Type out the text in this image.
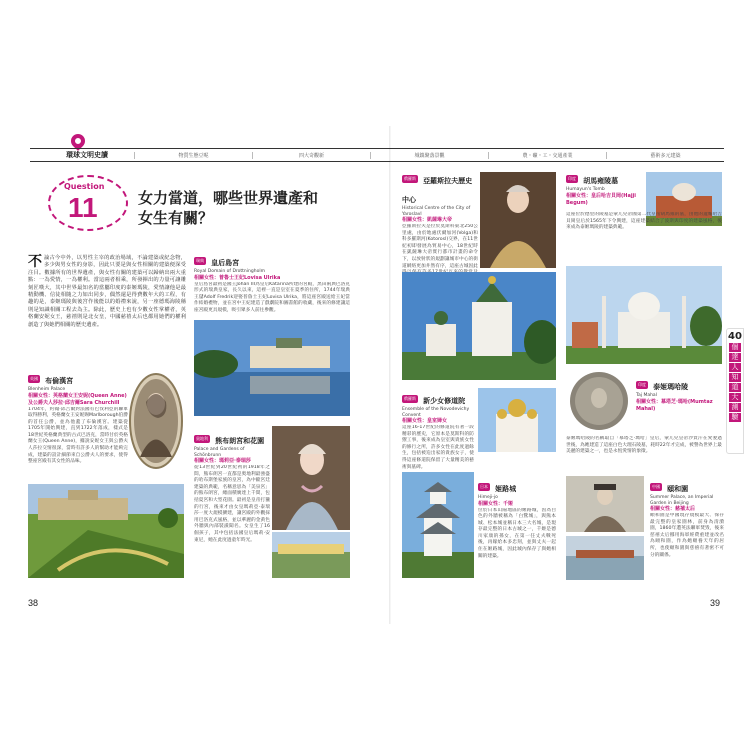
環球文明史讀	物質生態豆呢	四大奇觀新	城鎮聚落景觀	農・礦・工・交通產業	藝術多元建築
Question
11	女力當道，哪些世界遺產和女生有關？
不論古今中外，以男性主宰的政治場域，不論建築或紀念物，多少與男女性的身影，因此只要是與女性相關的建築便深受注目。數據所有的世界遺產，與女性有關的建築可以歸納出兩大重點：一為愛情，一為權利。當這兩者相乘，所發揮出的力量可讓雕刻匠嘆大，其中世界最知名的當屬印度的泰姬瑪陵，愛情讓他是最精動機、信徒相隨之力如出同步，偶然還是得費數年大的工程，有趣的是，泰姬瑪陵與後宮作後能以的婚禮來說，另一座德瑪海陵稱則是知識相關工程去為主。除此，歷史上也有少數女性掌權者，英格蘭安妮女王，慈禧則是北女皇，中國慈禧太后也都用她們的權利創造了與她們相關的歷史遺產。
英國 布倫漢宮
Blenheim Palace
相關女性：英格蘭女王安妮(Queen Anne)及公爵夫人莎拉·邱吉爾Sara Churchill
1704年，約翰·邱吉爾對法國有巴伐利亞的聯軍取得勝利，英格蘭女王安妮賜Marlborough伯爵的首任公爵，並為他蓋了布倫漢宮。建築從1705年開始興建，直到1722年落成，樣式是18世紀英格蘭典型的古式巴洛克，當時甘於英格蘭女王(Queen Anne)，據說安妮女王與公爵夫人莎拉交情很深，當時有許多人的幫助才能夠完成，建築的設計細節來自公爵夫人的要求，使得整座宮殿有其女性的品味。
瑞典 皇后島宮
Royal Domain of Drottningholm
相關女性：普魯士王妃Lovisa Ulrika
皇后島宮最初是國王Johan III為皇后Katarina所建的宮殿，黑田兩典巴洛克形式的瑞典皇家，長久以來，這裡一直是皇室在夏季的住所，1744年瑞典王儲Adolf Fredrik迎娶普魯士王妃Lovisa Ulrika，將這座宮殿送給王妃當作結婚禮物，並在宮中王妃建造了戲劇院和圖書館的收藏，後來的修建讓這座宮殿更具規模，吸引眾多人前往參觀。
奧地利 熊布朗宮和花園
Palace and Gardens of Schönbrunn
相關女性：瑪莉亞·泰瑞莎
從13世紀到20世紀初的1918年之間，熊布朗宮一直都是奧地利最強盛的哈布斯堡家族的皇宮，為中歐宮廷建築的典範，名稱意思為「美泉宮」的熊布朗宮，總面積廣達上千間，包括夏宮和大型花園。最初是皇帝打獵的行宮，後來才由女皇瑪莉亞·泰瑞莎一度大規模擴建，讓宮殿的外觀採用巴洛克式風格，並以華麗的金黃色外牆與內部裝潢聞名。女皇生了16個孩子，其中包括法國皇后瑪莉·安東尼，她在此度過童年時光。
俄羅斯 亞羅斯拉夫歷史中心
Historical Centre of the City of Yaroslavl
相關女性：凱薩琳大帝
亞羅斯拉夫是位於莫斯科東北250公里處，由於地處伏爾加河(Volga)和科多羅斯河(Kotorosl)交界，在11世紀初即發展為貿易中心，18世紀時在凱薩琳大帝實行都市計畫的命令下，以放射狀的規劃讓城市中心的街道網絡更加井然有序，這座古城因此
俄羅斯 新少女修道院
Ensemble of the Novodevichy Convent
相關女性：皇室婦女
這座16-17世紀的修道院有著一段精彩的歷史，它原本是莫斯科的防禦工事，後來成為皇室與貴族女性的修行之所，許多女性在此度過餘生，包括被迫出家的貴族女子，使得這座修道院保留了大量精美的藝術與墓碑。
日本 姬路城
Himeji-jo
相關女性：千姬
位於日本山陽地區的姬路城，因為白色的外牆被稱為「白鷺城」，與熊本城、松本城並稱日本三大名城，是現存最完整的日本古城之一，千姬是德川家康的孫女，在第一任丈夫戰死後，再嫁給本多忠刻，並與丈夫一起住在姬路城，因此城內保存了與她相關的建築。
印度 胡馬雍陵墓
Humayun's Tomb
相關女性：皇后哈吉貝岡(Hajji Begum)
這座位於德里的陵墓是蒙兀兒帝國第二代皇帝胡馬雍的墓，由他的遺孀哈吉貝岡皇后於1565年下令興建，這座建築結合了波斯與印度的建築風格，後來成為泰姬瑪陵的建築典範。
印度 泰姬瑪哈陵
Taj Mahal
相關女性：慕塔芝·瑪哈(Mumtaz Mahal)
泰姬瑪哈陵的名稱取自「慕塔芝·瑪哈」皇后，蒙兀兒皇帝沙賈汗在愛妻過世後，為她建造了這座白色大理石陵墓，耗時22年才完成，被譽為世界上最美麗的建築之一，也是永恆愛情的象徵。
中國 頤和園
Summer Palace, an Imperial Garden in Beijing
相關女性：慈禧太后
頤和園是中國現存規模最大、保存最完整的皇家園林，前身為清漪園，1860年遭英法聯軍焚毀，後來慈禧太后挪用海軍經費重建並改名為頤和園，作為她頤養天年的居所，也使頤和園與慈禧有著密不可分的關係。
40
個
達
人
知
道
大
測
驗
38	39
